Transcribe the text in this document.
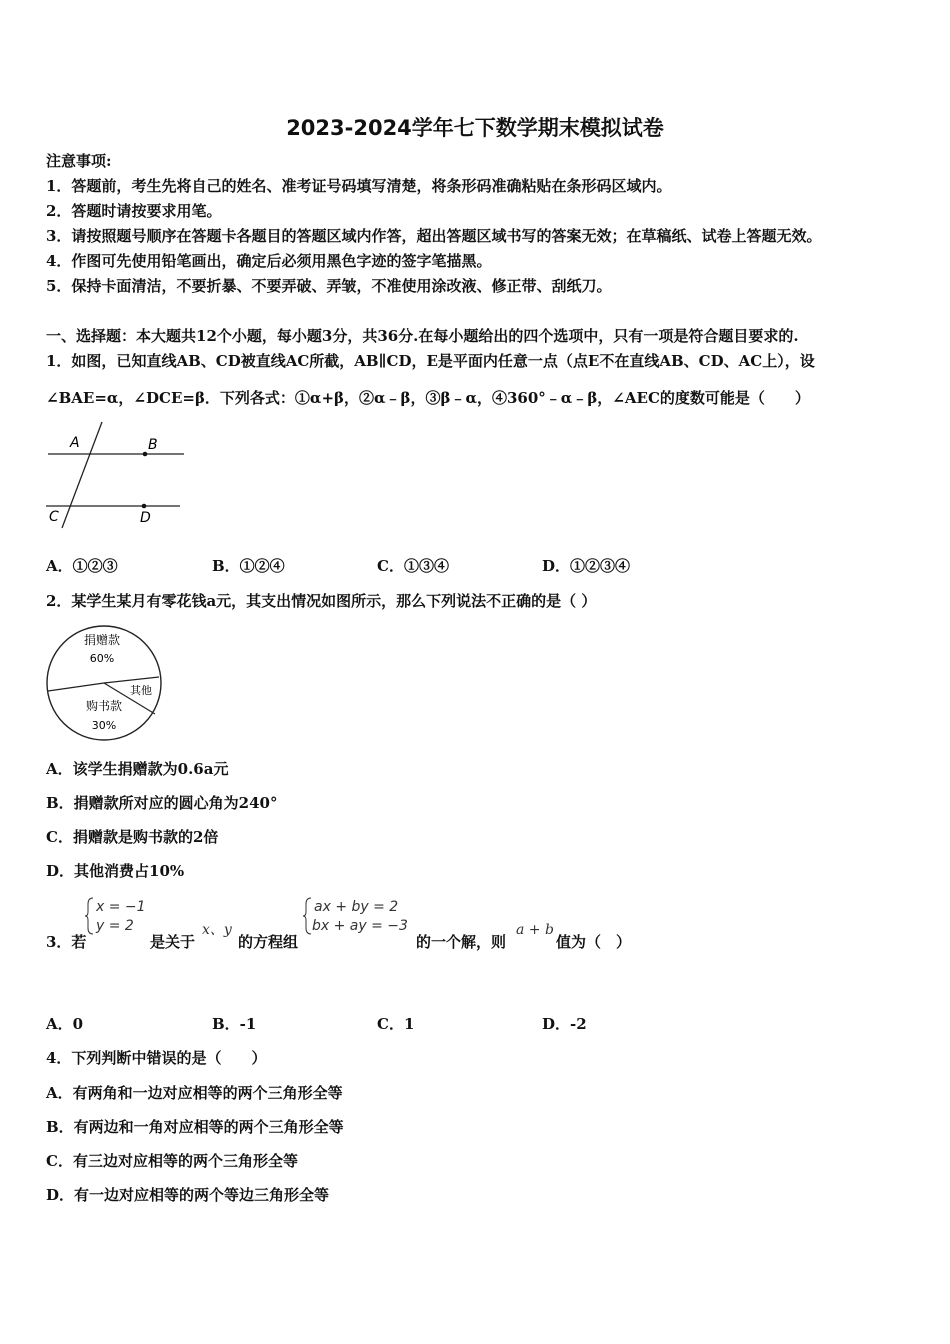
2023-2024学年七下数学期末模拟试卷
注意事项:
1．答题前，考生先将自己的姓名、准考证号码填写清楚，将条形码准确粘贴在条形码区域内。
2．答题时请按要求用笔。
3．请按照题号顺序在答题卡各题目的答题区域内作答，超出答题区域书写的答案无效；在草稿纸、试卷上答题无效。
4．作图可先使用铅笔画出，确定后必须用黑色字迹的签字笔描黑。
5．保持卡面清洁，不要折暴、不要弄破、弄皱，不准使用涂改液、修正带、刮纸刀。
一、选择题：本大题共12个小题，每小题3分，共36分.在每小题给出的四个选项中，只有一项是符合题目要求的.
1．如图，已知直线AB、CD被直线AC所截，AB∥CD，E是平面内任意一点（点E不在直线AB、CD、AC上），设
∠BAE=α，∠DCE=β．下列各式：①α+β，②α﹣β，③β﹣α，④360°﹣α﹣β，∠AEC的度数可能是（　　）
A	B
C	D
A．①②③	B．①②④	C．①③④	D．①②③④
2．某学生某月有零花钱a元，其支出情况如图所示，那么下列说法不正确的是（ ）
捐赠款
60%
其他
购书款
30%
A．该学生捐赠款为0.6a元
B．捐赠款所对应的圆心角为240°
C．捐赠款是购书款的2倍
D．其他消费占10%
3．若
x = −1
y = 2
是关于
x、y
的方程组
ax + by = 2
bx + ay = −3
的一个解，则
a + b
值为（　）
A．0	B．-1	C．1	D．-2
4．下列判断中错误的是（　　）
A．有两角和一边对应相等的两个三角形全等
B．有两边和一角对应相等的两个三角形全等
C．有三边对应相等的两个三角形全等
D．有一边对应相等的两个等边三角形全等
